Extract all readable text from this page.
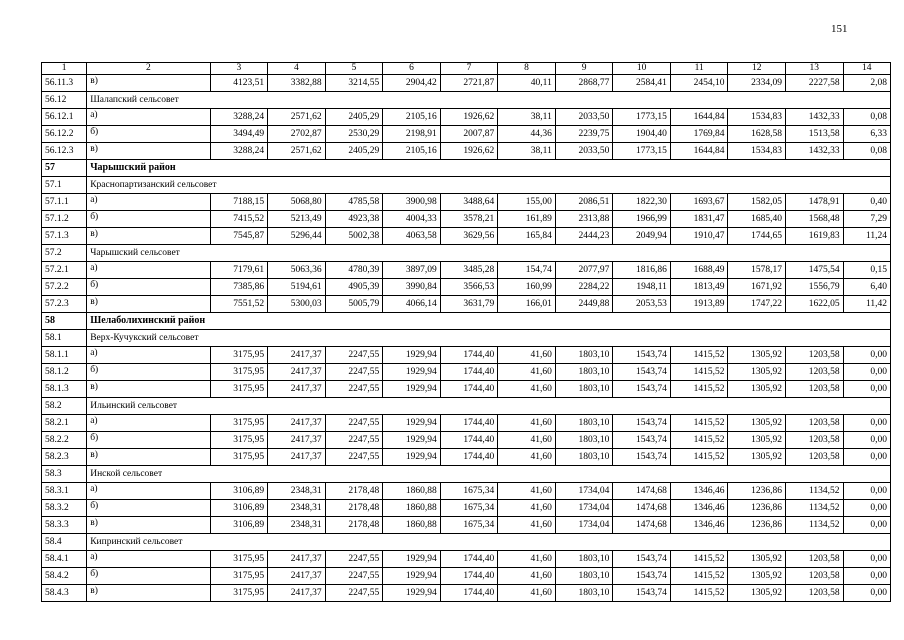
151
1	2	3	4	5	6	7	8	9	10	11	12	13	14
56.11.3	в)	4123,51	3382,88	3214,55	2904,42	2721,87	40,11	2868,77	2584,41	2454,10	2334,09	2227,58	2,08
56.12	Шалапский сельсовет												
56.12.1	а)	3288,24	2571,62	2405,29	2105,16	1926,62	38,11	2033,50	1773,15	1644,84	1534,83	1432,33	0,08
56.12.2	б)	3494,49	2702,87	2530,29	2198,91	2007,87	44,36	2239,75	1904,40	1769,84	1628,58	1513,58	6,33
56.12.3	в)	3288,24	2571,62	2405,29	2105,16	1926,62	38,11	2033,50	1773,15	1644,84	1534,83	1432,33	0,08
57	Чарышский район												
57.1	Краснопартизанский сельсовет												
57.1.1	а)	7188,15	5068,80	4785,58	3900,98	3488,64	155,00	2086,51	1822,30	1693,67	1582,05	1478,91	0,40
57.1.2	б)	7415,52	5213,49	4923,38	4004,33	3578,21	161,89	2313,88	1966,99	1831,47	1685,40	1568,48	7,29
57.1.3	в)	7545,87	5296,44	5002,38	4063,58	3629,56	165,84	2444,23	2049,94	1910,47	1744,65	1619,83	11,24
57.2	Чарышский сельсовет												
57.2.1	а)	7179,61	5063,36	4780,39	3897,09	3485,28	154,74	2077,97	1816,86	1688,49	1578,17	1475,54	0,15
57.2.2	б)	7385,86	5194,61	4905,39	3990,84	3566,53	160,99	2284,22	1948,11	1813,49	1671,92	1556,79	6,40
57.2.3	в)	7551,52	5300,03	5005,79	4066,14	3631,79	166,01	2449,88	2053,53	1913,89	1747,22	1622,05	11,42
58	Шелаболихинский район												
58.1	Верх-Кучукский сельсовет												
58.1.1	а)	3175,95	2417,37	2247,55	1929,94	1744,40	41,60	1803,10	1543,74	1415,52	1305,92	1203,58	0,00
58.1.2	б)	3175,95	2417,37	2247,55	1929,94	1744,40	41,60	1803,10	1543,74	1415,52	1305,92	1203,58	0,00
58.1.3	в)	3175,95	2417,37	2247,55	1929,94	1744,40	41,60	1803,10	1543,74	1415,52	1305,92	1203,58	0,00
58.2	Ильинский сельсовет												
58.2.1	а)	3175,95	2417,37	2247,55	1929,94	1744,40	41,60	1803,10	1543,74	1415,52	1305,92	1203,58	0,00
58.2.2	б)	3175,95	2417,37	2247,55	1929,94	1744,40	41,60	1803,10	1543,74	1415,52	1305,92	1203,58	0,00
58.2.3	в)	3175,95	2417,37	2247,55	1929,94	1744,40	41,60	1803,10	1543,74	1415,52	1305,92	1203,58	0,00
58.3	Инской сельсовет												
58.3.1	а)	3106,89	2348,31	2178,48	1860,88	1675,34	41,60	1734,04	1474,68	1346,46	1236,86	1134,52	0,00
58.3.2	б)	3106,89	2348,31	2178,48	1860,88	1675,34	41,60	1734,04	1474,68	1346,46	1236,86	1134,52	0,00
58.3.3	в)	3106,89	2348,31	2178,48	1860,88	1675,34	41,60	1734,04	1474,68	1346,46	1236,86	1134,52	0,00
58.4	Кипринский сельсовет												
58.4.1	а)	3175,95	2417,37	2247,55	1929,94	1744,40	41,60	1803,10	1543,74	1415,52	1305,92	1203,58	0,00
58.4.2	б)	3175,95	2417,37	2247,55	1929,94	1744,40	41,60	1803,10	1543,74	1415,52	1305,92	1203,58	0,00
58.4.3	в)	3175,95	2417,37	2247,55	1929,94	1744,40	41,60	1803,10	1543,74	1415,52	1305,92	1203,58	0,00
